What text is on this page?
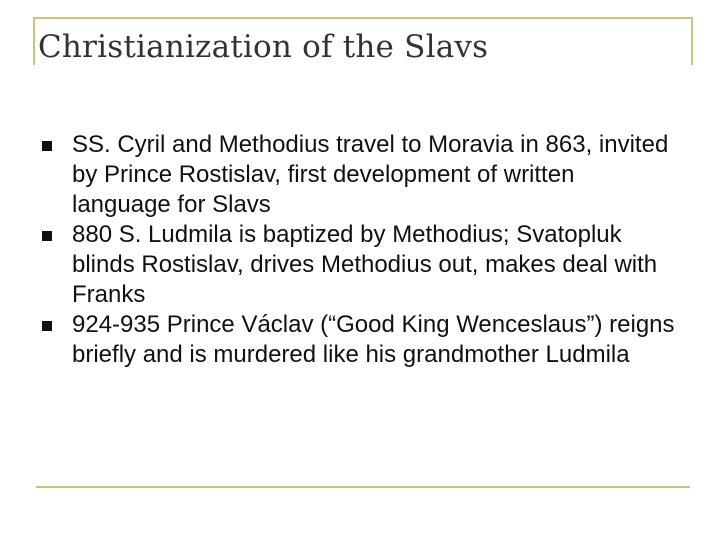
Christianization of the Slavs
SS. Cyril and Methodius travel to Moravia in 863, invited by Prince Rostislav, first development of written language for Slavs
880 S. Ludmila is baptized by Methodius; Svatopluk blinds Rostislav, drives Methodius out, makes deal with Franks
924-935 Prince Václav (“Good King Wenceslaus”) reigns briefly and is murdered like his grandmother Ludmila
